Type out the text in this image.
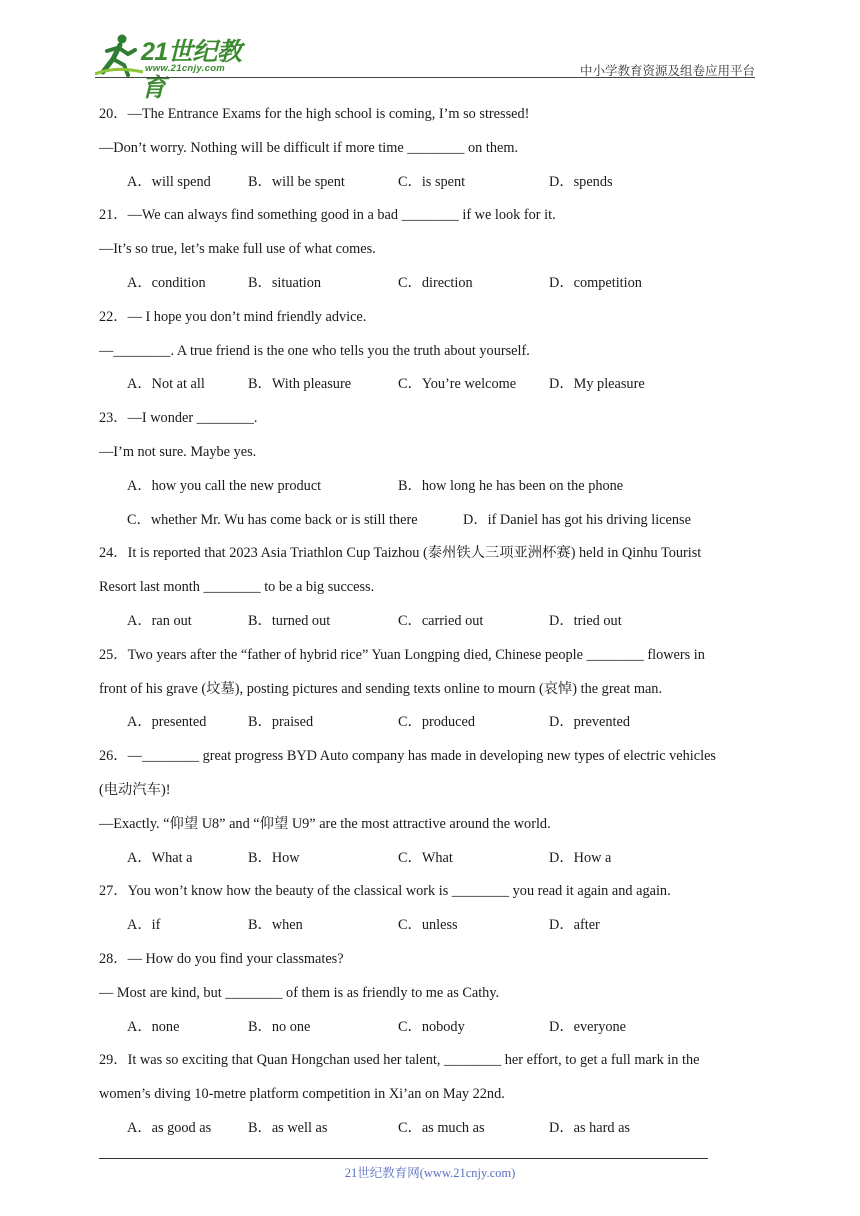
21世纪教育
www.21cnjy.com	中小学教育资源及组卷应用平台
20．—The Entrance Exams for the high school is coming, I’m so stressed!
—Don’t worry. Nothing will be difficult if more time ________ on them.
A．will spend	B．will be spent	C．is spent	D．spends
21．—We can always find something good in a bad ________ if we look for it.
—It’s so true, let’s make full use of what comes.
A．condition	B．situation	C．direction	D．competition
22．— I hope you don’t mind friendly advice.
—________. A true friend is the one who tells you the truth about yourself.
A．Not at all	B．With pleasure	C．You’re welcome D．My pleasure
23．—I wonder ________.
—I’m not sure. Maybe yes.
A．how you call the new product	B．how long he has been on the phone
C．whether Mr. Wu has come back or is still there	D．if Daniel has got his driving license
24．It is reported that 2023 Asia Triathlon Cup Taizhou (泰州铁人三项亚洲杯赛) held in Qinhu Tourist
Resort last month ________ to be a big success.
A．ran out	B．turned out	C．carried out	D．tried out
25．Two years after the “father of hybrid rice” Yuan Longping died, Chinese people ________ flowers in
front of his grave (坟墓), posting pictures and sending texts online to mourn (哀悼) the great man.
A．presented	B．praised	C．produced	D．prevented
26．—________ great progress BYD Auto company has made in developing new types of electric vehicles
(电动汽车)!
—Exactly. “仰望 U8” and “仰望 U9” are the most attractive around the world.
A．What a	B．How	C．What	D．How a
27．You won’t know how the beauty of the classical work is ________ you read it again and again.
A．if	B．when	C．unless	D．after
28．— How do you find your classmates?
— Most are kind, but ________ of them is as friendly to me as Cathy.
A．none	B．no one	C．nobody	D．everyone
29．It was so exciting that Quan Hongchan used her talent, ________ her effort, to get a full mark in the
women’s diving 10-metre platform competition in Xi’an on May 22nd.
A．as good as	B．as well as	C．as much as	D．as hard as
21世纪教育网(www.21cnjy.com)
